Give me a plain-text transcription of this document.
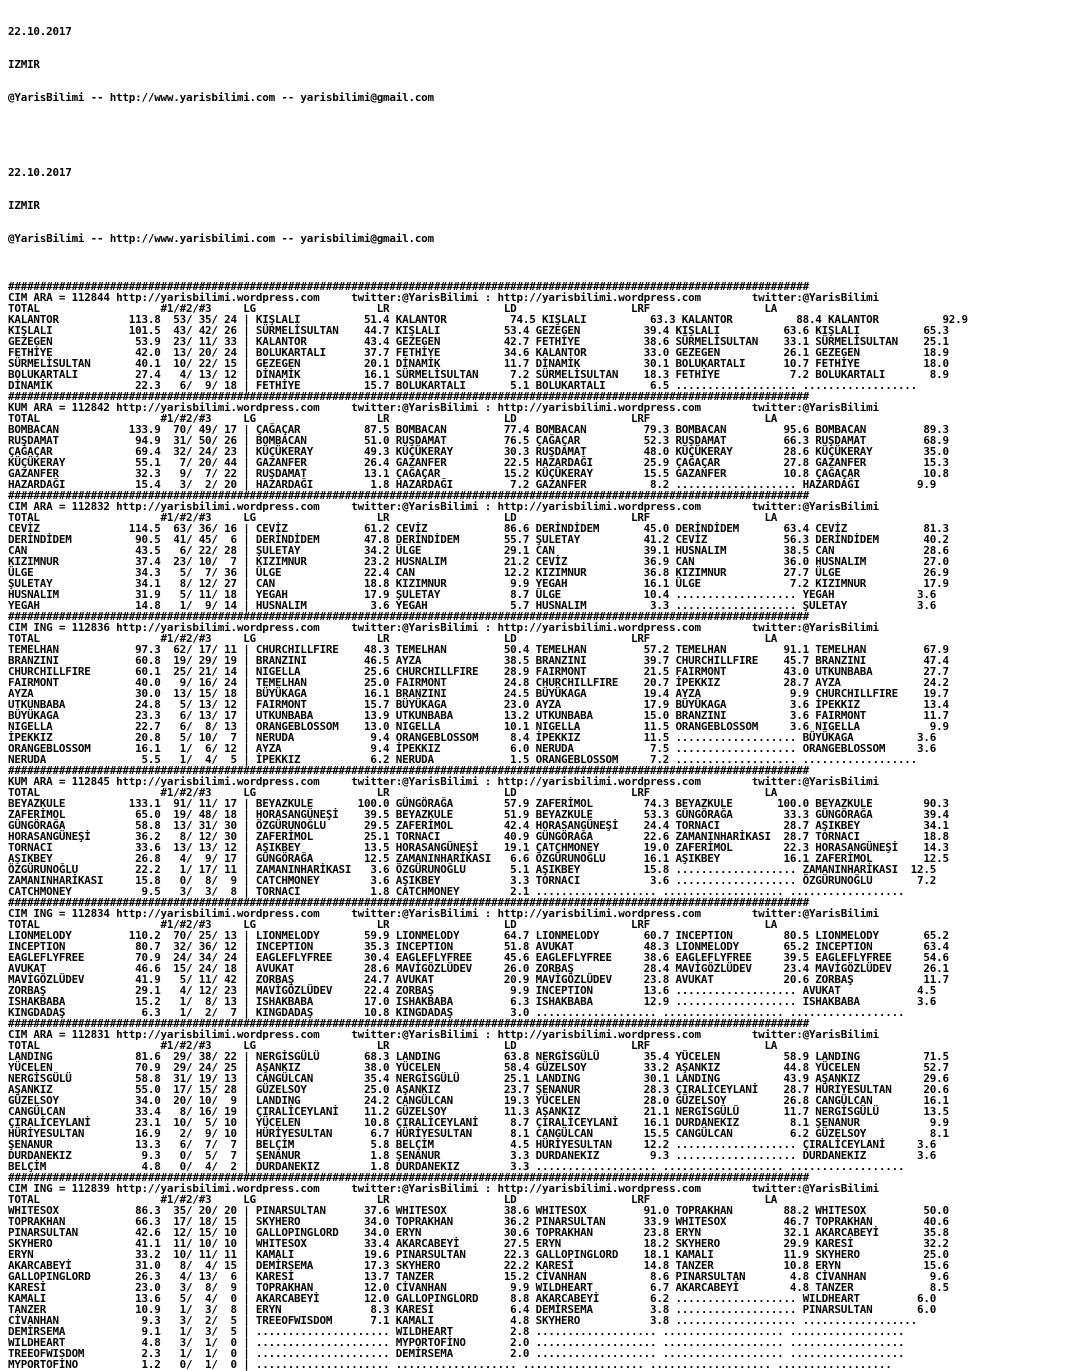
22.10.2017

IZMIR

@YarisBilimi -- http://www.yarisbilimi.com -- yarisbilimi@gmail.com

22.10.2017

IZMIR

@YarisBilimi -- http://www.yarisbilimi.com -- yarisbilimi@gmail.com

##############################################################################################################################
CIM ARA = 112844 http://yarisbilimi.wordpress.com     twitter:@YarisBilimi : http://yarisbilimi.wordpress.com        twitter:@YarisBilimi
TOTAL                   #1/#2/#3     LG                   LR                  LD                  LRF                  LA
KALANTOR           113.8  53/ 35/ 24 | KIŞLALI          51.4 KALANTOR          74.5 KIŞLALI          63.3 KALANTOR          88.4 KALANTOR          92.9
KIŞLALI            101.5  43/ 42/ 26 | SÜRMELİSULTAN    44.7 KIŞLALI          53.4 GEZEGEN          39.4 KIŞLALI          63.6 KIŞLALI          65.3
GEZEGEN             53.9  23/ 11/ 33 | KALANTOR         43.4 GEZEGEN          42.7 FETHİYE          38.6 SÜRMELİSULTAN    33.1 SÜRMELİSULTAN    25.1
FETHİYE             42.0  13/ 20/ 24 | BOLUKARTALI      37.7 FETHİYE          34.6 KALANTOR         33.0 GEZEGEN          26.1 GEZEGEN          18.9
SÜRMELİSULTAN       40.1  10/ 22/ 15 | GEZEGEN          20.1 DİNAMİK          11.7 DİNAMİK          30.1 BOLUKARTALI      10.7 FETHİYE          18.0
BOLUKARTALI         27.4   4/ 13/ 12 | DİNAMİK          16.1 SÜRMELİSULTAN     7.2 SÜRMELİSULTAN    18.3 FETHİYE           7.2 BOLUKARTALI       8.9
DİNAMİK             22.3   6/  9/ 18 | FETHİYE          15.7 BOLUKARTALI       5.1 BOLUKARTALI       6.5 ................... ..................
##############################################################################################################################
KUM ARA = 112842 http://yarisbilimi.wordpress.com     twitter:@YarisBilimi : http://yarisbilimi.wordpress.com        twitter:@YarisBilimi
TOTAL                   #1/#2/#3     LG                   LR                  LD                  LRF                  LA
BOMBACAN           133.9  70/ 49/ 17 | ÇAĞAÇAR          87.5 BOMBACAN         77.4 BOMBACAN         79.3 BOMBACAN         95.6 BOMBACAN         89.3
RUŞDAMAT            94.9  31/ 50/ 26 | BOMBACAN         51.0 RUŞDAMAT         76.5 ÇAĞAÇAR          52.3 RUŞDAMAT         66.3 RUŞDAMAT         68.9
ÇAĞAÇAR             69.4  32/ 24/ 23 | KÜÇÜKERAY        49.3 KÜÇÜKERAY        30.3 RUŞDAMAT         48.0 KÜÇÜKERAY        28.6 KÜÇÜKERAY        35.0
KÜÇÜKERAY           55.1   7/ 20/ 44 | GAZANFER         26.4 GAZANFER         22.5 HAZARDAĞI        25.9 ÇAĞAÇAR          27.8 GAZANFER         15.3
GAZANFER            32.3   9/  7/ 22 | RUŞDAMAT         13.1 ÇAĞAÇAR          15.2 KÜÇÜKERAY        15.5 GAZANFER         10.8 ÇAĞAÇAR          10.8
HAZARDAĞI           15.4   3/  2/ 20 | HAZARDAĞI         1.8 HAZARDAĞI         7.2 GAZANFER          8.2 ................... HAZARDAĞI         9.9
##############################################################################################################################
CIM ARA = 112832 http://yarisbilimi.wordpress.com     twitter:@YarisBilimi : http://yarisbilimi.wordpress.com        twitter:@YarisBilimi
TOTAL                   #1/#2/#3     LG                   LR                  LD                  LRF                  LA
CEVİZ              114.5  63/ 36/ 16 | CEVİZ            61.2 CEVİZ            86.6 DERİNDİDEM       45.0 DERİNDİDEM       63.4 CEVİZ            81.3
DERİNDİDEM          90.5  41/ 45/  6 | DERİNDİDEM       47.8 DERİNDİDEM       55.7 ŞULETAY          41.2 CEVİZ            56.3 DERİNDİDEM       40.2
CAN                 43.5   6/ 22/ 28 | ŞULETAY          34.2 ÜLGE             29.1 CAN              39.1 HUSNALIM         38.5 CAN              28.6
KIZIMNUR            37.4  23/ 10/  7 | KIZIMNUR         23.2 HUSNALIM         21.2 CEVİZ            36.9 CAN              36.0 HUSNALIM         27.0
ÜLGE                34.3   5/  7/ 36 | ÜLGE             22.4 CAN              12.2 KIZIMNUR         36.8 KIZIMNUR         27.7 ÜLGE             26.9
ŞULETAY             34.1   8/ 12/ 27 | CAN              18.8 KIZIMNUR          9.9 YEGAH            16.1 ÜLGE              7.2 KIZIMNUR         17.9
HUSNALIM            31.9   5/ 11/ 18 | YEGAH            17.9 ŞULETAY           8.7 ÜLGE             10.4 ................... YEGAH             3.6
YEGAH               14.8   1/  9/ 14 | HUSNALIM          3.6 YEGAH             5.7 HUSNALIM          3.3 ................... ŞULETAY           3.6
##############################################################################################################################
CIM ING = 112836 http://yarisbilimi.wordpress.com     twitter:@YarisBilimi : http://yarisbilimi.wordpress.com        twitter:@YarisBilimi
TOTAL                   #1/#2/#3     LG                   LR                  LD                  LRF                  LA
TEMELHAN            97.3  62/ 17/ 11 | CHURCHILLFIRE    48.3 TEMELHAN         50.4 TEMELHAN         57.2 TEMELHAN         91.1 TEMELHAN         67.9
BRANZINI            60.8  19/ 29/ 19 | BRANZINI         46.5 AYZA             38.5 BRANZINI         39.7 CHURCHILLFIRE    45.7 BRANZINI         47.4
CHURCHILLFIRE       60.1  25/ 21/ 14 | NIGELLA          25.6 CHURCHILLFIRE    28.9 FAIRMONT         21.5 FAIRMONT         43.0 UTKUNBABA        27.7
FAIRMONT            40.0   9/ 16/ 24 | TEMELHAN         25.0 FAIRMONT         24.8 CHURCHILLFIRE    20.7 İPEKKIZ          28.7 AYZA             24.2
AYZA                30.0  13/ 15/ 18 | BÜYÜKAGA         16.1 BRANZINI         24.5 BÜYÜKAGA         19.4 AYZA              9.9 CHURCHILLFIRE    19.7
UTKUNBABA           24.8   5/ 13/ 12 | FAIRMONT         15.7 BÜYÜKAGA         23.0 AYZA             17.9 BÜYÜKAGA          3.6 İPEKKIZ          13.4
BÜYÜKAGA            23.3   6/ 13/ 17 | UTKUNBABA        13.9 UTKUNBABA        13.2 UTKUNBABA        15.0 BRANZINI          3.6 FAIRMONT         11.7
NIGELLA             22.7   6/  8/ 13 | ORANGEBLOSSOM    13.0 NIGELLA          10.1 NIGELLA          11.5 ORANGEBLOSSOM     3.6 NIGELLA           9.9
İPEKKIZ             20.8   5/ 10/  7 | NERUDA            9.4 ORANGEBLOSSOM     8.4 İPEKKIZ          11.5 ................... BÜYÜKAGA          3.6
ORANGEBLOSSOM       16.1   1/  6/ 12 | AYZA              9.4 İPEKKIZ           6.0 NERUDA            7.5 ................... ORANGEBLOSSOM     3.6
NERUDA               5.5   1/  4/  5 | İPEKKIZ           6.2 NERUDA            1.5 ORANGEBLOSSOM     7.2 ................... ..................
##############################################################################################################################
KUM ARA = 112845 http://yarisbilimi.wordpress.com     twitter:@YarisBilimi : http://yarisbilimi.wordpress.com        twitter:@YarisBilimi
TOTAL                   #1/#2/#3     LG                   LR                  LD                  LRF                  LA
BEYAZKULE          133.1  91/ 11/ 17 | BEYAZKULE       100.0 GÜNGÖRAĞA        57.9 ZAFERİMOL        74.3 BEYAZKULE       100.0 BEYAZKULE        90.3
ZAFERİMOL           65.0  19/ 48/ 18 | HORASANGÜNEŞİ    39.5 BEYAZKULE        51.9 BEYAZKULE        53.3 GÜNGÖRAĞA        33.3 GÜNGÖRAĞA        39.4
GÜNGÖRAĞA           58.8  13/ 31/ 30 | ÖZGÜRUNOĞLU      29.5 ZAFERİMOL        42.4 HORASANGÜNEŞİ    24.4 TORNACI          28.7 AŞIKBEY          34.1
HORASANGÜNEŞİ       36.2   8/ 12/ 30 | ZAFERİMOL        25.1 TORNACI          40.9 GÜNGÖRAĞA        22.6 ZAMANINHARİKASI  28.7 TORNACI          18.8
TORNACI             33.6  13/ 13/ 12 | AŞIKBEY          13.5 HORASANGÜNEŞİ    19.1 ÇATÇHMONEY       19.0 ZAFERİMOL        22.3 HORASANGÜNEŞİ    14.3
AŞIKBEY             26.8   4/  9/ 17 | GÜNGÖRAĞA        12.5 ZAMANINHARİKASI   6.6 ÖZGÜRUNOĞLU      16.1 AŞIKBEY          16.1 ZAFERİMOL        12.5
ÖZGÜRUNOĞLU         22.2   1/ 17/ 11 | ZAMANINHARİKASI   3.6 ÖZGÜRUNOĞLU       5.1 AŞIKBEY          15.8 ................... ZAMANINHARİKASI  12.5
ZAMANINHARİKASI     15.8   0/  8/  9 | CATCHMONEY        3.6 AŞIKBEY           3.3 TORNACI           3.6 ................... ÖZGÜRUNOĞLU       7.2
CATCHMONEY           9.5   3/  3/  8 | TORNACI           1.8 CATCHMONEY        2.1 ................... ................... ..................
##############################################################################################################################
CIM ING = 112834 http://yarisbilimi.wordpress.com     twitter:@YarisBilimi : http://yarisbilimi.wordpress.com        twitter:@YarisBilimi
TOTAL                   #1/#2/#3     LG                   LR                  LD                  LRF                  LA
LIONMELODY         110.2  70/ 25/ 13 | LIONMELODY       59.9 LIONMELODY       64.7 LIONMELODY       60.7 INCEPTION        80.5 LIONMELODY       65.2
INCEPTION           80.7  32/ 36/ 12 | INCEPTION        35.3 INCEPTION        51.8 AVUKAT           48.3 LIONMELODY       65.2 INCEPTION        63.4
EAGLEFLYFREE        70.9  24/ 34/ 24 | EAGLEFLYFREE     30.4 EAGLEFLYFREE     45.6 EAGLEFLYFREE     38.6 EAGLEFLYFREE     39.5 EAGLEFLYFREE     54.6
AVUKAT              46.6  15/ 24/ 18 | AVUKAT           28.6 MAVİGÖZLÜDEV     26.0 ZORBAŞ           28.4 MAVİGÖZLÜDEV     23.4 MAVİGÖZLÜDEV     26.1
MAVİGÖZLÜDEV        41.9   5/ 11/ 42 | ZORBAŞ           24.7 AVUKAT           20.9 MAVİGÖZLÜDEV     23.8 AVUKAT           20.6 ZORBAŞ           11.7
ZORBAŞ              29.1   4/ 12/ 23 | MAVİGÖZLÜDEV     22.4 ZORBAŞ            9.9 INCEPTION        13.6 ................... AVUKAT            4.5
ISHAKBABA           15.2   1/  8/ 13 | ISHAKBABA        17.0 ISHAKBABA         6.3 ISHAKBABA        12.9 ................... ISHAKBABA         3.6
KINGDADAŞ            6.3   1/  2/  7 | KINGDADAŞ        10.8 KINGDADAŞ         3.0 ................... ................... ..................
##############################################################################################################################
CIM ARA = 112831 http://yarisbilimi.wordpress.com     twitter:@YarisBilimi : http://yarisbilimi.wordpress.com        twitter:@YarisBilimi
TOTAL                   #1/#2/#3     LG                   LR                  LD                  LRF                  LA
LANDING             81.6  29/ 38/ 22 | NERGİSGÜLÜ       68.3 LANDING          63.8 NERGİSGÜLÜ       35.4 YÜCELEN          58.9 LANDING          71.5
YÜCELEN             70.9  29/ 24/ 25 | AŞANKIZ          38.0 YÜCELEN          58.4 GÜZELSOY         33.2 AŞANKIZ          44.8 YÜCELEN          52.7
NERGİSGÜLÜ          58.8  31/ 19/ 13 | CANGÜLCAN        35.4 NERGİSGÜLÜ       25.1 LANDING          30.1 LANDING          43.9 AŞANKIZ          29.6
AŞANKIZ             55.0  17/ 15/ 28 | GÜZELSOY         25.0 AŞANKIZ          23.7 ŞENANUR          28.3 ÇIRALİCEYLANİ    28.7 HÜRİYESULTAN     20.6
GÜZELSOY            34.0  20/ 10/  9 | LANDING          24.2 CANGÜLCAN        19.3 YÜCELEN          28.0 GÜZELSOY         26.8 CANGÜLCAN        16.1
CANGÜLCAN           33.4   8/ 16/ 19 | ÇIRALİCEYLANİ    11.2 GÜZELSOY         11.3 AŞANKIZ          21.1 NERGİSGÜLÜ       11.7 NERGİSGÜLÜ       13.5
ÇIRALİCEYLANİ       23.1  10/  5/ 10 | YÜCELEN          10.8 ÇIRALİCEYLANİ     8.7 ÇIRALİCEYLANİ    16.1 DURDANEKIZ        8.1 ŞENANUR           9.9
HÜRİYESULTAN        16.9   2/  9/ 10 | HÜRİYESULTAN      6.7 HÜRİYESULTAN      8.1 CANGÜLCAN        15.5 CANGÜLCAN         6.2 GÜZELSOY          8.1
ŞENANUR             13.3   6/  7/  7 | BELÇİM            5.8 BELÇİM            4.5 HÜRİYESULTAN     12.2 ................... ÇIRALİCEYLANİ     3.6
DURDANEKIZ           9.3   0/  5/  7 | ŞENANUR           1.8 ŞENANUR           3.3 DURDANEKIZ        9.3 ................... DURDANEKIZ        3.6
BELÇİM               4.8   0/  4/  2 | DURDANEKIZ        1.8 DURDANEKIZ        3.3 ................... ................... ..................
##############################################################################################################################
CIM ING = 112839 http://yarisbilimi.wordpress.com     twitter:@YarisBilimi : http://yarisbilimi.wordpress.com        twitter:@YarisBilimi
TOTAL                   #1/#2/#3     LG                   LR                  LD                  LRF                  LA
WHITESOX            86.3  35/ 20/ 20 | PINARSULTAN      37.6 WHITESOX         38.6 WHITESOX         91.0 TOPRAKHAN        88.2 WHITESOX         50.0
TOPRAKHAN           66.3  17/ 18/ 15 | SKYHERO          34.0 TOPRAKHAN        36.2 PINARSULTAN      33.9 WHITESOX         46.7 TOPRAKHAN        40.6
PINARSULTAN         42.6  12/ 15/ 10 | GALLOPINGLORD    34.0 ERYN             30.6 TOPRAKHAN        23.8 ERYN             32.1 AKARCABEYİ       35.8
SKYHERO             41.1  11/ 10/ 10 | WHITESOX         33.4 AKARCABEYİ       27.5 ERYN             18.2 SKYHERO          29.9 KARESİ           32.2
ERYN                33.2  10/ 11/ 11 | KAMALI           19.6 PINARSULTAN      22.3 GALLOPINGLORD    18.1 KAMALI           11.9 SKYHERO          25.0
AKARCABEYİ          31.0   8/  4/ 15 | DEMİRSEMA        17.3 SKYHERO          22.2 KARESİ           14.8 TANZER           10.8 ERYN             15.6
GALLOPINGLORD       26.3   4/ 13/  6 | KARESİ           13.7 TANZER           15.2 CİVANHAN          8.6 PINARSULTAN       4.8 CİVANHAN          9.6
KARESİ              23.0   3/  8/  9 | TOPRAKHAN        12.0 CİVANHAN          9.9 WILDHEART         6.7 AKARCABEYİ        4.8 TANZER            8.5
KAMALI              13.6   5/  4/  0 | AKARCABEYİ       12.0 GALLOPINGLORD     8.8 AKARCABEYİ        6.2 ................... WILDHEART         6.0
TANZER              10.9   1/  3/  8 | ERYN              8.3 KARESİ            6.4 DEMİRSEMA         3.8 ................... PINARSULTAN       6.0
CİVANHAN             9.3   3/  2/  5 | TREEOFWISDOM      7.1 KAMALI            4.8 SKYHERO           3.8 ................... ..................
DEMİRSEMA            9.1   1/  3/  5 | ..................... WILDHEART         2.8 ................... ................... ..................
WILDHEART            4.8   3/  1/  0 | ..................... MYPORTOFİNO       2.0 ................... ................... ..................
TREEOFWISDOM         2.3   1/  1/  0 | ..................... DEMİRSEMA         2.0 ................... ................... ..................
MYPORTOFİNO          1.2   0/  1/  0 | ..................... ................... ................... ................... ..................
